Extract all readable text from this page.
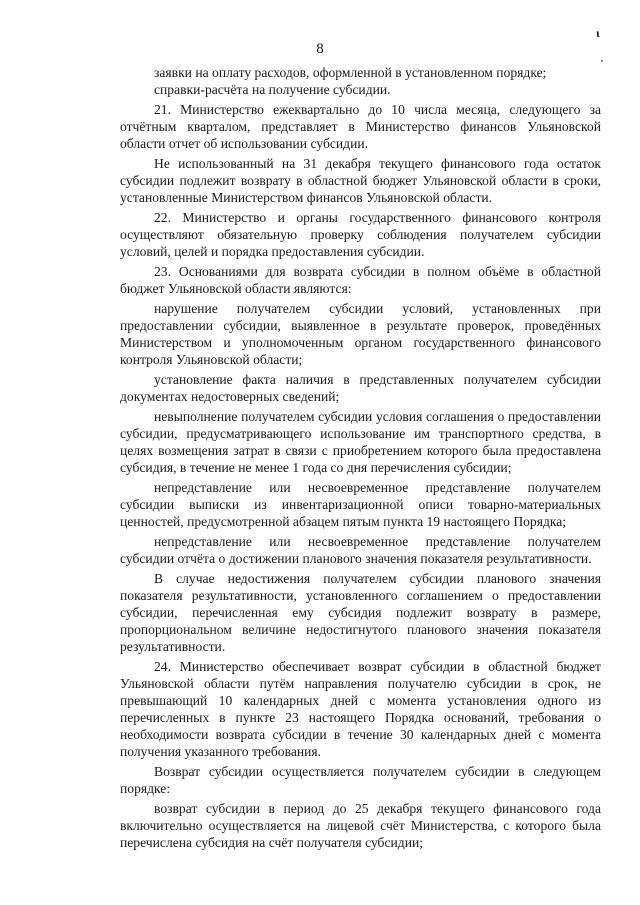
8
ι

заявки на оплату расходов, оформленной в установленном порядке;

справки-расчёта на получение субсидии.

21. Министерство ежеквартально до 10 числа месяца, следующего за отчётным кварталом, представляет в Министерство финансов Ульяновской области отчет об использовании субсидии.

Не использованный на 31 декабря текущего финансового года остаток субсидии подлежит возврату в областной бюджет Ульяновской области в сроки, установленные Министерством финансов Ульяновской области.

22. Министерство и органы государственного финансового контроля осуществляют обязательную проверку соблюдения получателем субсидии условий, целей и порядка предоставления субсидии.

23. Основаниями для возврата субсидии в полном объёме в областной бюджет Ульяновской области являются:

нарушение получателем субсидии условий, установленных при предоставлении субсидии, выявленное в результате проверок, проведённых Министерством и уполномоченным органом государственного финансового контроля Ульяновской области;

установление факта наличия в представленных получателем субсидии документах недостоверных сведений;

невыполнение получателем субсидии условия соглашения о предоставлении субсидии, предусматривающего использование им транспортного средства, в целях возмещения затрат в связи с приобретением которого была предоставлена субсидия, в течение не менее 1 года со дня перечисления субсидии;

непредставление или несвоевременное представление получателем субсидии выписки из инвентаризационной описи товарно-материальных ценностей, предусмотренной абзацем пятым пункта 19 настоящего Порядка;

непредставление или несвоевременное представление получателем субсидии отчёта о достижении планового значения показателя результативности.

В случае недостижения получателем субсидии планового значения показателя результативности, установленного соглашением о предоставлении субсидии, перечисленная ему субсидия подлежит возврату в размере, пропорциональном величине недостигнутого планового значения показателя результативности.

24. Министерство обеспечивает возврат субсидии в областной бюджет Ульяновской области путём направления получателю субсидии в срок, не превышающий 10 календарных дней с момента установления одного из перечисленных в пункте 23 настоящего Порядка оснований, требования о необходимости возврата субсидии в течение 30 календарных дней с момента получения указанного требования.

Возврат субсидии осуществляется получателем субсидии в следующем порядке:

возврат субсидии в период до 25 декабря текущего финансового года включительно осуществляется на лицевой счёт Министерства, с которого была перечислена субсидия на счёт получателя субсидии;
